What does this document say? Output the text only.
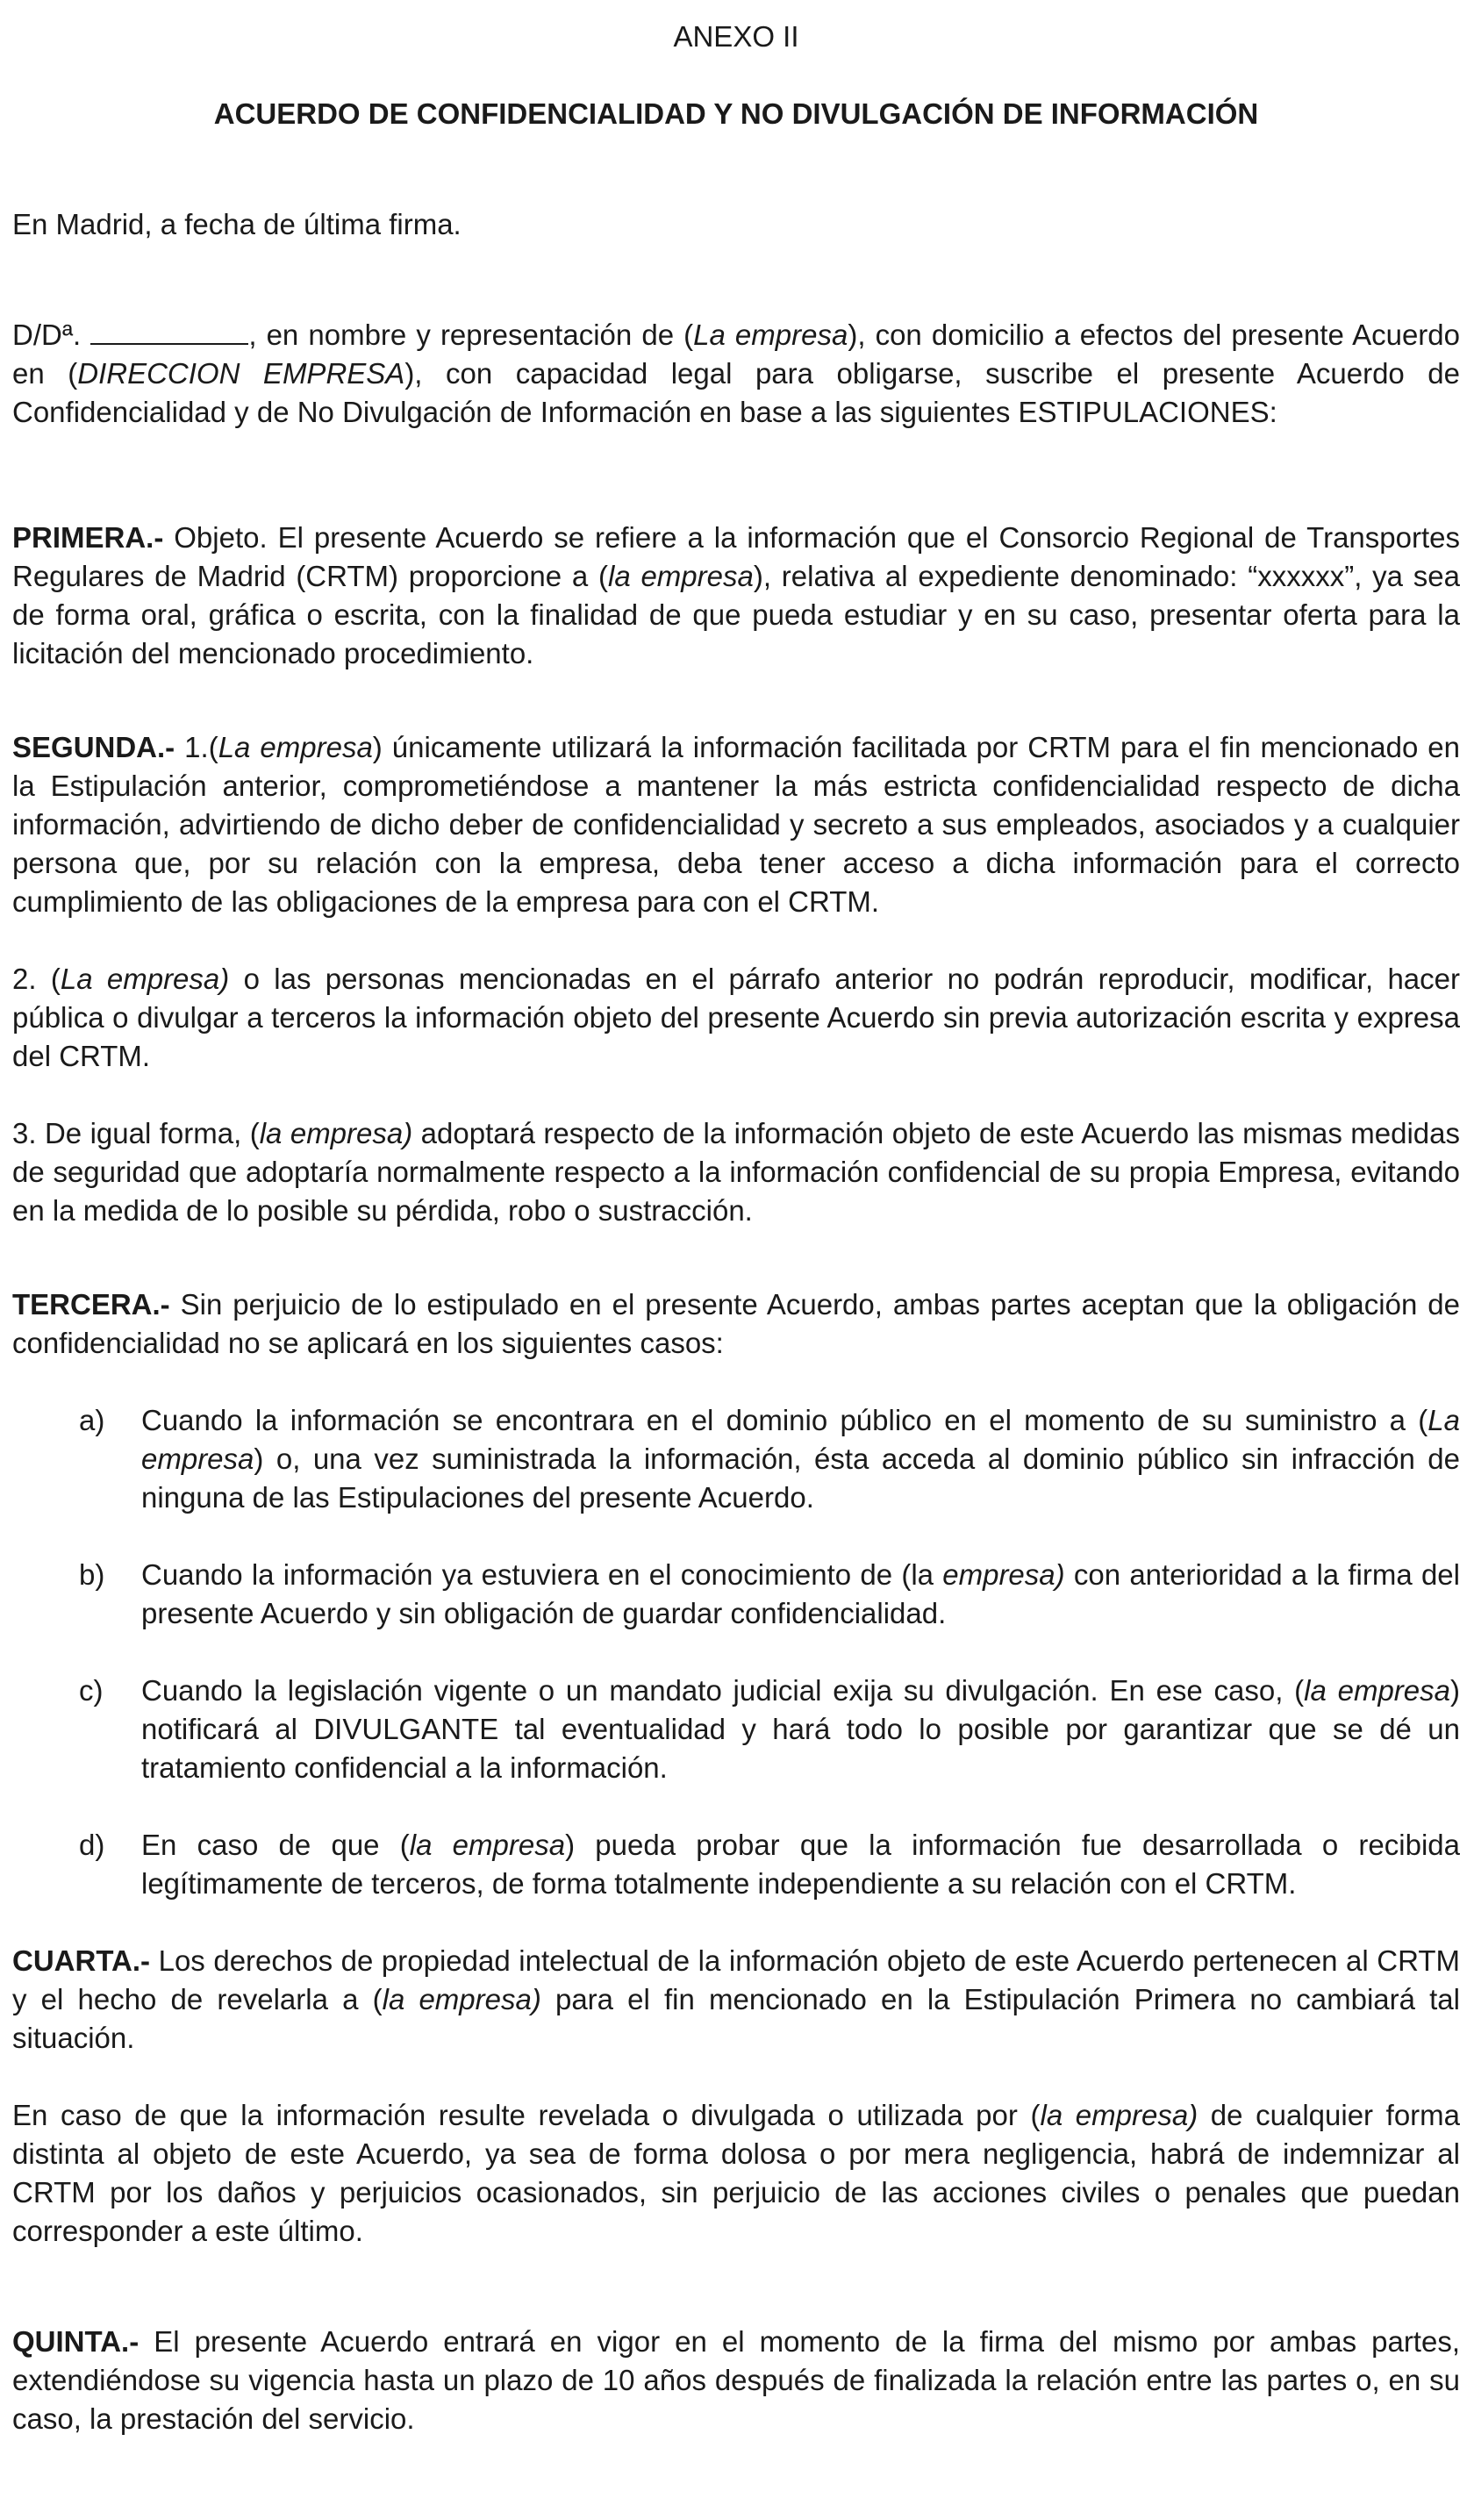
ANEXO II

ACUERDO DE CONFIDENCIALIDAD Y NO DIVULGACIÓN DE INFORMACIÓN

En Madrid, a fecha de última firma.

D/Dª.	, en nombre y representación de (La empresa), con domicilio a efectos del presente Acuerdo en (DIRECCION EMPRESA), con capacidad legal para obligarse, suscribe el presente Acuerdo de Confidencialidad y de No Divulgación de Información en base a las siguientes ESTIPULACIONES:

PRIMERA.- Objeto. El presente Acuerdo se refiere a la información que el Consorcio Regional de Transportes Regulares de Madrid (CRTM) proporcione a (la empresa), relativa al expediente denominado: “xxxxxx”, ya sea de forma oral, gráfica o escrita, con la finalidad de que pueda estudiar y en su caso, presentar oferta para la licitación del mencionado procedimiento.

SEGUNDA.- 1.(La empresa) únicamente utilizará la información facilitada por CRTM para el fin mencionado en la Estipulación anterior, comprometiéndose a mantener la más estricta confidencialidad respecto de dicha información, advirtiendo de dicho deber de confidencialidad y secreto a sus empleados, asociados y a cualquier persona que, por su relación con la empresa, deba tener acceso a dicha información para el correcto cumplimiento de las obligaciones de la empresa para con el CRTM.

2. (La empresa) o las personas mencionadas en el párrafo anterior no podrán reproducir, modificar, hacer pública o divulgar a terceros la información objeto del presente Acuerdo sin previa autorización escrita y expresa del CRTM.

3. De igual forma, (la empresa) adoptará respecto de la información objeto de este Acuerdo las mismas medidas de seguridad que adoptaría normalmente respecto a la información confidencial de su propia Empresa, evitando en la medida de lo posible su pérdida, robo o sustracción.

TERCERA.- Sin perjuicio de lo estipulado en el presente Acuerdo, ambas partes aceptan que la obligación de confidencialidad no se aplicará en los siguientes casos:

a) Cuando la información se encontrara en el dominio público en el momento de su suministro a (La empresa) o, una vez suministrada la información, ésta acceda al dominio público sin infracción de ninguna de las Estipulaciones del presente Acuerdo.
b) Cuando la información ya estuviera en el conocimiento de (la empresa) con anterioridad a la firma del presente Acuerdo y sin obligación de guardar confidencialidad.
c) Cuando la legislación vigente o un mandato judicial exija su divulgación. En ese caso, (la empresa) notificará al DIVULGANTE tal eventualidad y hará todo lo posible por garantizar que se dé un tratamiento confidencial a la información.
d) En caso de que (la empresa) pueda probar que la información fue desarrollada o recibida legítimamente de terceros, de forma totalmente independiente a su relación con el CRTM.

CUARTA.- Los derechos de propiedad intelectual de la información objeto de este Acuerdo pertenecen al CRTM y el hecho de revelarla a (la empresa) para el fin mencionado en la Estipulación Primera no cambiará tal situación.

En caso de que la información resulte revelada o divulgada o utilizada por (la empresa) de cualquier forma distinta al objeto de este Acuerdo, ya sea de forma dolosa o por mera negligencia, habrá de indemnizar al CRTM por los daños y perjuicios ocasionados, sin perjuicio de las acciones civiles o penales que puedan corresponder a este último.

QUINTA.- El presente Acuerdo entrará en vigor en el momento de la firma del mismo por ambas partes, extendiéndose su vigencia hasta un plazo de 10 años después de finalizada la relación entre las partes o, en su caso, la prestación del servicio.
